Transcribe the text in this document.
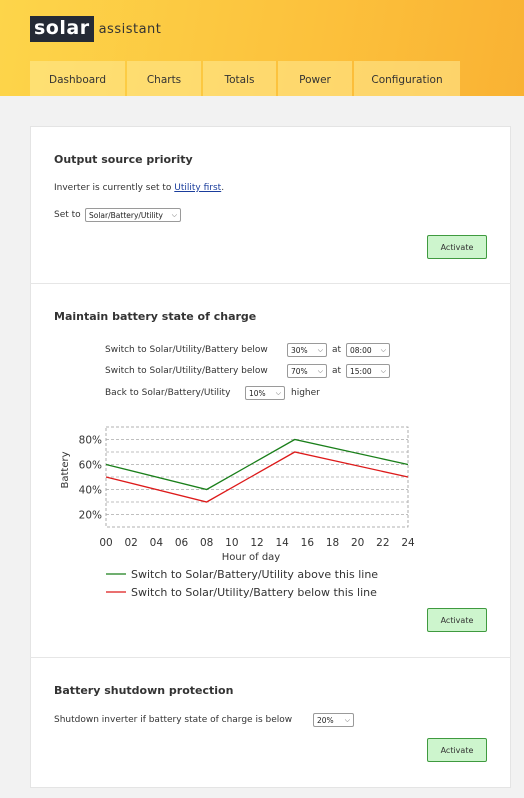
solar assistant
Dashboard	Charts	Totals	Power	Configuration
Output source priority
Inverter is currently set to Utility first.
Set to Solar/Battery/Utility ⌵
Activate
Maintain battery state of charge
Switch to Solar/Utility/Battery below	30% ⌵ at 08:00 ⌵
Switch to Solar/Utility/Battery below	70% ⌵ at 15:00 ⌵
Back to Solar/Battery/Utility 10% ⌵ higher
20%
40%
60%
80%
00 02 04 06 08 10 12 14 16 18 20 22 24
Battery
Hour of day
Switch to Solar/Battery/Utility above this line
Switch to Solar/Utility/Battery below this line
Activate
Battery shutdown protection
Shutdown inverter if battery state of charge is below	20% ⌵
Activate
